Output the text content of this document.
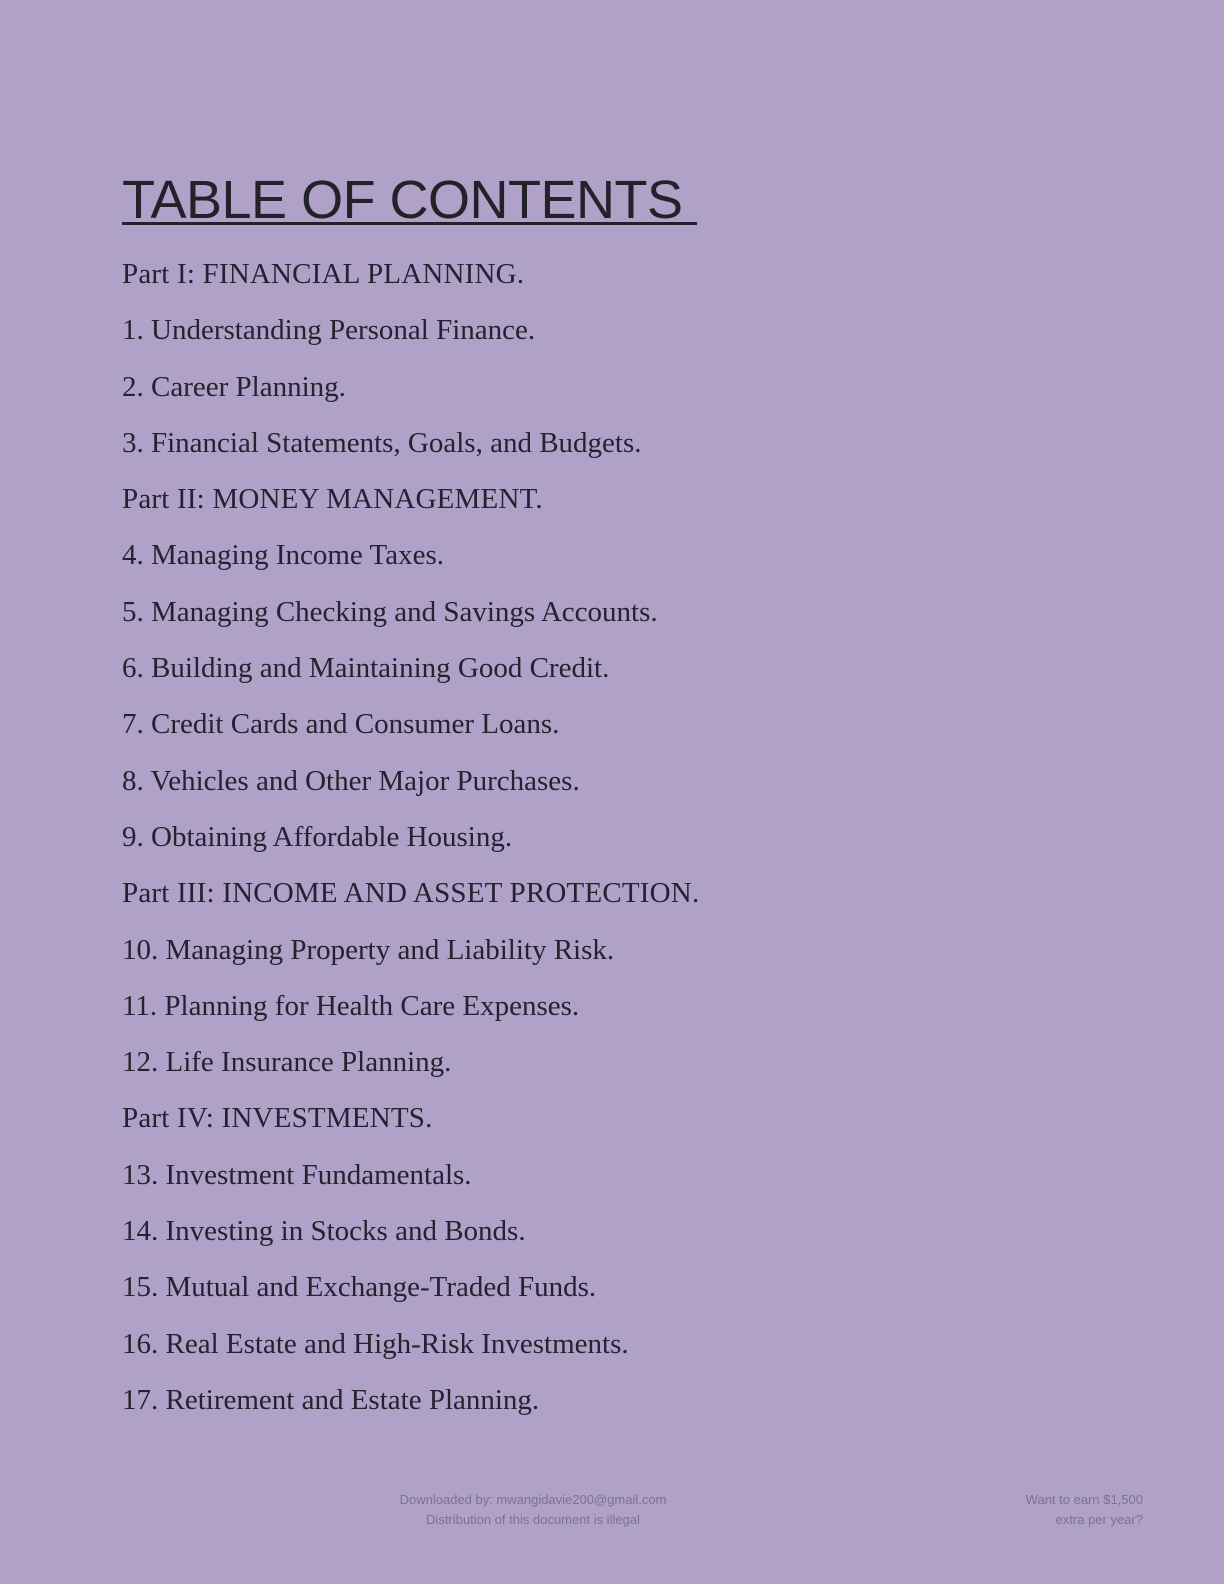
TABLE OF CONTENTS
Part I: FINANCIAL PLANNING.
1. Understanding Personal Finance.
2. Career Planning.
3. Financial Statements, Goals, and Budgets.
Part II: MONEY MANAGEMENT.
4. Managing Income Taxes.
5. Managing Checking and Savings Accounts.
6. Building and Maintaining Good Credit.
7. Credit Cards and Consumer Loans.
8. Vehicles and Other Major Purchases.
9. Obtaining Affordable Housing.
Part III: INCOME AND ASSET PROTECTION.
10. Managing Property and Liability Risk.
11. Planning for Health Care Expenses.
12. Life Insurance Planning.
Part IV: INVESTMENTS.
13. Investment Fundamentals.
14. Investing in Stocks and Bonds.
15. Mutual and Exchange-Traded Funds.
16. Real Estate and High-Risk Investments.
17. Retirement and Estate Planning.
Downloaded by: mwangidavie200@gmail.com
Distribution of this document is illegal
Want to earn $1,500
extra per year?
